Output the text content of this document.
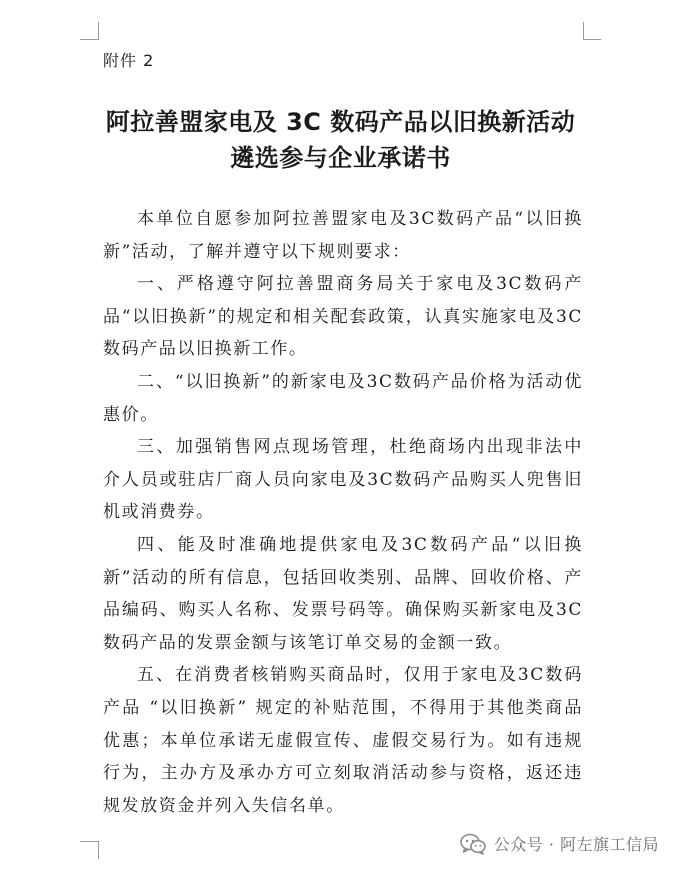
附件 2
阿拉善盟家电及 3C 数码产品以旧换新活动
遴选参与企业承诺书

本单位自愿参加阿拉善盟家电及3C数码产品“以旧换新”活动，了解并遵守以下规则要求：

一、严格遵守阿拉善盟商务局关于家电及3C数码产品“以旧换新”的规定和相关配套政策，认真实施家电及3C数码产品以旧换新工作。

二、“以旧换新”的新家电及3C数码产品价格为活动优惠价。

三、加强销售网点现场管理，杜绝商场内出现非法中介人员或驻店厂商人员向家电及3C数码产品购买人兜售旧机或消费券。

四、能及时准确地提供家电及3C数码产品“以旧换新”活动的所有信息，包括回收类别、品牌、回收价格、产品编码、购买人名称、发票号码等。确保购买新家电及3C数码产品的发票金额与该笔订单交易的金额一致。

五、在消费者核销购买商品时，仅用于家电及3C数码产品 “以旧换新” 规定的补贴范围，不得用于其他类商品优惠；本单位承诺无虚假宣传、虚假交易行为。如有违规行为，主办方及承办方可立刻取消活动参与资格，返还违规发放资金并列入失信名单。

公众号 · 阿左旗工信局
